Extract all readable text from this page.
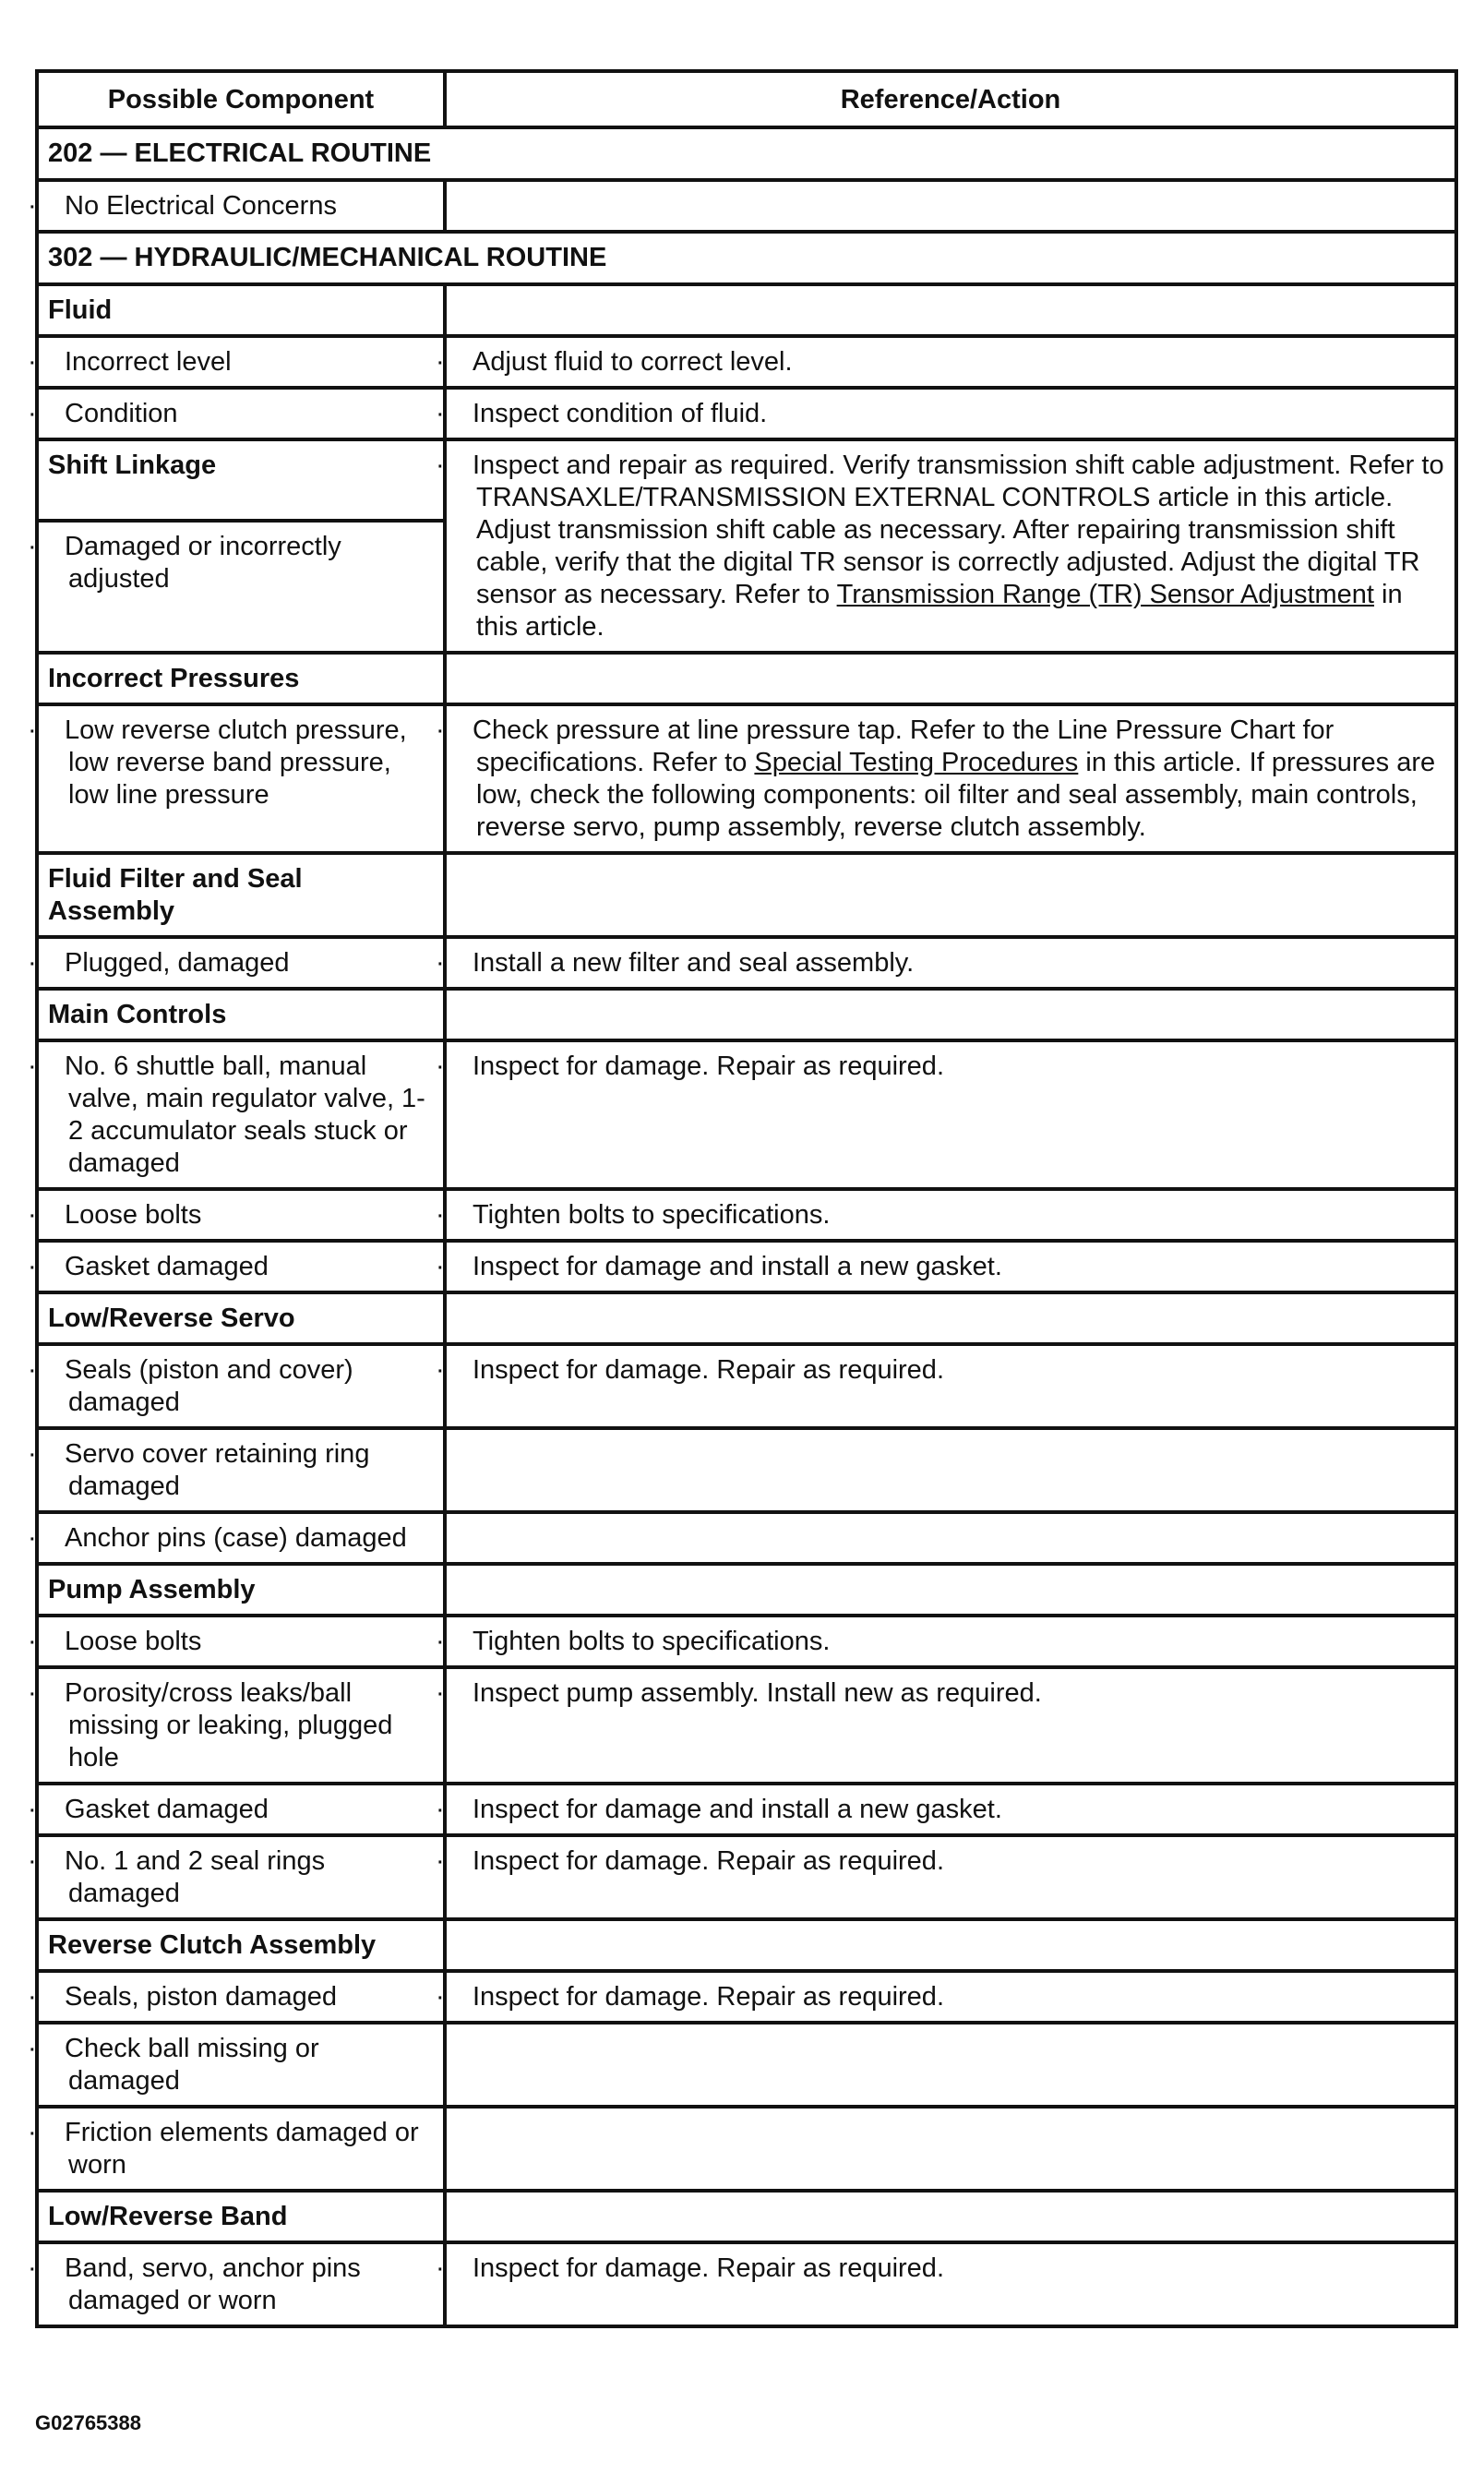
Possible Component	Reference/Action
202 — ELECTRICAL ROUTINE	

· No Electrical Concerns	

302 — HYDRAULIC/MECHANICAL ROUTINE	
Fluid	

· Incorrect level	· Adjust fluid to correct level.

· Condition	· Inspect condition of fluid.

Shift Linkage	· Inspect and repair as required. Verify transmission shift cable adjustment. Refer to TRANSAXLE/TRANSMISSION EXTERNAL CONTROLS article in this article. Adjust transmission shift cable as necessary. After repairing transmission shift cable, verify that the digital TR sensor is correctly adjusted. Adjust the digital TR sensor as necessary. Refer to Transmission Range (TR) Sensor Adjustment in this article.

· Damaged or incorrectly adjusted	

Incorrect Pressures	

· Low reverse clutch pressure, low reverse band pressure, low line pressure	· Check pressure at line pressure tap. Refer to the Line Pressure Chart for specifications. Refer to Special Testing Procedures in this article. If pressures are low, check the following components: oil filter and seal assembly, main controls, reverse servo, pump assembly, reverse clutch assembly.

Fluid Filter and Seal Assembly	

· Plugged, damaged	· Install a new filter and seal assembly.

Main Controls	

· No. 6 shuttle ball, manual valve, main regulator valve, 1-2 accumulator seals stuck or damaged	· Inspect for damage. Repair as required.

· Loose bolts	· Tighten bolts to specifications.

· Gasket damaged	· Inspect for damage and install a new gasket.

Low/Reverse Servo	

· Seals (piston and cover) damaged	· Inspect for damage. Repair as required.

· Servo cover retaining ring damaged	

· Anchor pins (case) damaged	

Pump Assembly	

· Loose bolts	· Tighten bolts to specifications.

· Porosity/cross leaks/ball missing or leaking, plugged hole	· Inspect pump assembly. Install new as required.

· Gasket damaged	· Inspect for damage and install a new gasket.

· No. 1 and 2 seal rings damaged	· Inspect for damage. Repair as required.

Reverse Clutch Assembly	

· Seals, piston damaged	· Inspect for damage. Repair as required.

· Check ball missing or damaged	

· Friction elements damaged or worn	

Low/Reverse Band	

· Band, servo, anchor pins damaged or worn	· Inspect for damage. Repair as required.
G02765388
